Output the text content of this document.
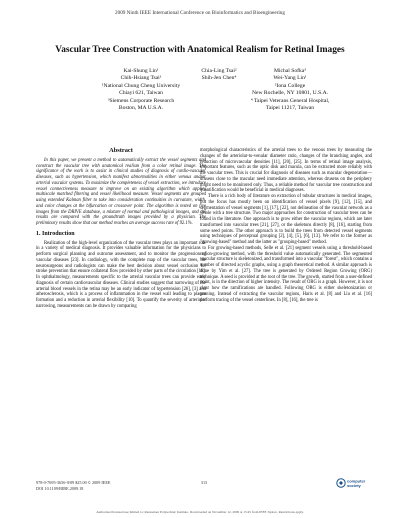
2009 Ninth IEEE International Conference on Bioinformatics and Bioengineering
Vascular Tree Construction with Anatomical Realism for Retinal Images
Kai-Shung Lin¹
Chih-Hsiang Tsai¹
¹National Chung Cheng University
Chiayi 621, Taiwan
³Siemens Corporate Research
Boston, MA U.S.A.
Chia-Ling Tsai²
Shih-Jen Chen⁴
Michal Sofka³
Wei-Yang Lin¹
²Iona College
New Rochelle, NY 10801, U.S.A.
⁴ Taipei Veterans General Hospital,
Taipei 11217, Taiwan
Abstract

In this paper, we present a method to automatically extract the vessel segments and construct the vascular tree with anatomical realism from a color retinal image. The significance of the work is to assist in clinical studies of diagnosis of cardio-vascular diseases, such as hypertension, which manifest abnormalities in either venous and/or arterial vascular systems. To maximize the completeness of vessel extraction, we introduce vessel connectiveness measure to improve on an existing algorithm which applies multiscale matched filtering and vessel likelihood measure. Vessel segments are grouped using extended Kalman filter to take into consideration continuities in curvature, width, and color changes at the bifurcation or crossover point. The algorithm is tested on five images from the DRIVE database, a mixture of normal and pathological images, and the results are compared with the groundtruth images provided by a physician. The preliminary results show that our method reaches an average success rate of 92.1%.

1. Introduction

Realization of the high-level organization of the vascular trees plays an important role in a variety of medical diagnosis. It provides valuable information for the physicians to perform surgical planning and outcome assessment, and to monitor the progression of vascular diseases [23]. In cardiology, with the complete map of the vascular trees, the neurosurgeons and radiologists can make the best decision about vessel occlusion for stroke prevention that ensure collateral flow provided by other parts of the circulation [18]. In ophthalmology, measurements specific to the arterial vascular trees can provide early diagnosis of certain cardiovascular diseases. Clinical studies suggest that narrowing of the arterial blood vessels in the retina may be an early indicator of hypertension [26], [3] and atherosclerosis, which is a process of inflammation in the vessel wall leading to plaque formation and a reduction in arterial flexibility [10]. To quantify the severity of arteriolar narrowing, measurements can be drawn by comparing

morphological characteristics of the arterial trees to the venous trees by measuring the changes of the arteriolar-to-venular diameter ratio, changes of the branching angles, and reduction of microvascular densities [11], [20], [25]. In terms of retinal image analysis, important features, such as the optic disk and macula, can be extracted more reliably with the vascular trees. This is crucial for diagnosis of diseases such as macular degeneration—drusens close to the macular need immediate attention, whereas drusens on the periphery might need to be monitored only. Thus, a reliable method for vascular tree construction and quantification would be beneficial in medical diagnoses.

There is a rich body of literature on extraction of tubular structures in medical images, but the focus has mostly been on identification of vessel pixels [9], [12], [15], and segmentation of vessel segments [1], [17], [22], not delineation of the vascular network as a whole with a tree structure. Two major approaches for construction of vascular trees can be found in the literature. One approach is to grow either the vascular regions, which are later transformed into vascular trees [21], [27], or the skeletons directly [8], [16], starting from some seed points. The other approach is to build the trees from detected vessel segments using techniques of perceptual grouping [2], [4], [5], [6], [13]. We refer to the former as "growing-based" method and the latter as "grouping-based" method.

For growing-based methods, Selle et al. [21] segment vessels using a threshold-based region-growing method, with the threshold value automatically generated. The segmented vascular structure is skeletonized, and transformed into a vascular "forest", which contains a number of directed acyclic graphs, using a graph theoretical method. A similar approach is done by Yim et al. [27]. The tree is generated by Ordered Region Growing (ORG) technique. A seed is provided at the root of the tree. The growth, started from a user-defined point, is in the direction of higher intensity. The result of ORG is a graph. However, it is not clear how the ramifications are handled. Following ORG is either skeletonization or pruning. Instead of extracting the vascular regions, Haris et al. [8] and Liu et al. [16] perform tracing of the vessel centerlines. In [8], [16], the tree is

978-0-7695-3656-9/09 $25.00 © 2009 IEEE
DOI 10.1109/BIBE.2009.18
313	computer
society
Authorized licensed use limited to: Rensselaer Polytechnic Institute. Downloaded on November 12, 2009 at 15:45 from IEEE Xplore. Restrictions apply.
